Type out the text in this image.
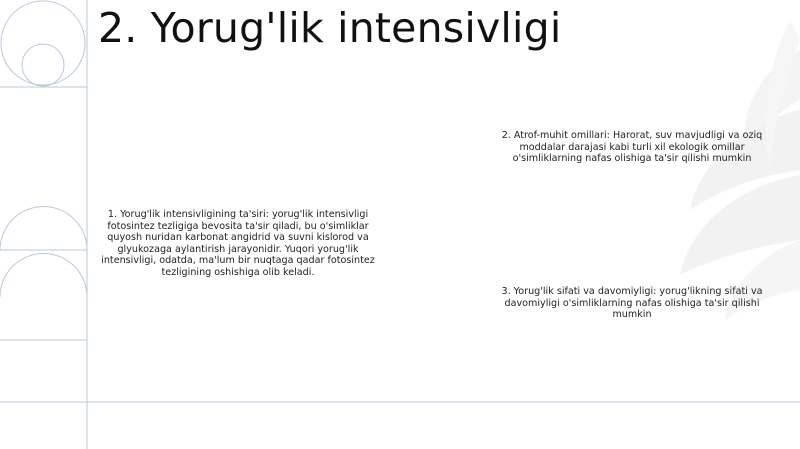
2. Yorug'lik intensivligi

1. Yorug'lik intensivligining ta'siri: yorug'lik intensivligi fotosintez tezligiga bevosita ta'sir qiladi, bu o'simliklar quyosh nuridan karbonat angidrid va suvni kislorod va glyukozaga aylantirish jarayonidir. Yuqori yorug'lik intensivligi, odatda, ma'lum bir nuqtaga qadar fotosintez tezligining oshishiga olib keladi.

2. Atrof-muhit omillari: Harorat, suv mavjudligi va oziq moddalar darajasi kabi turli xil ekologik omillar o'simliklarning nafas olishiga ta'sir qilishi mumkin

3. Yorug'lik sifati va davomiyligi: yorug'likning sifati va davomiyligi o'simliklarning nafas olishiga ta'sir qilishi mumkin
